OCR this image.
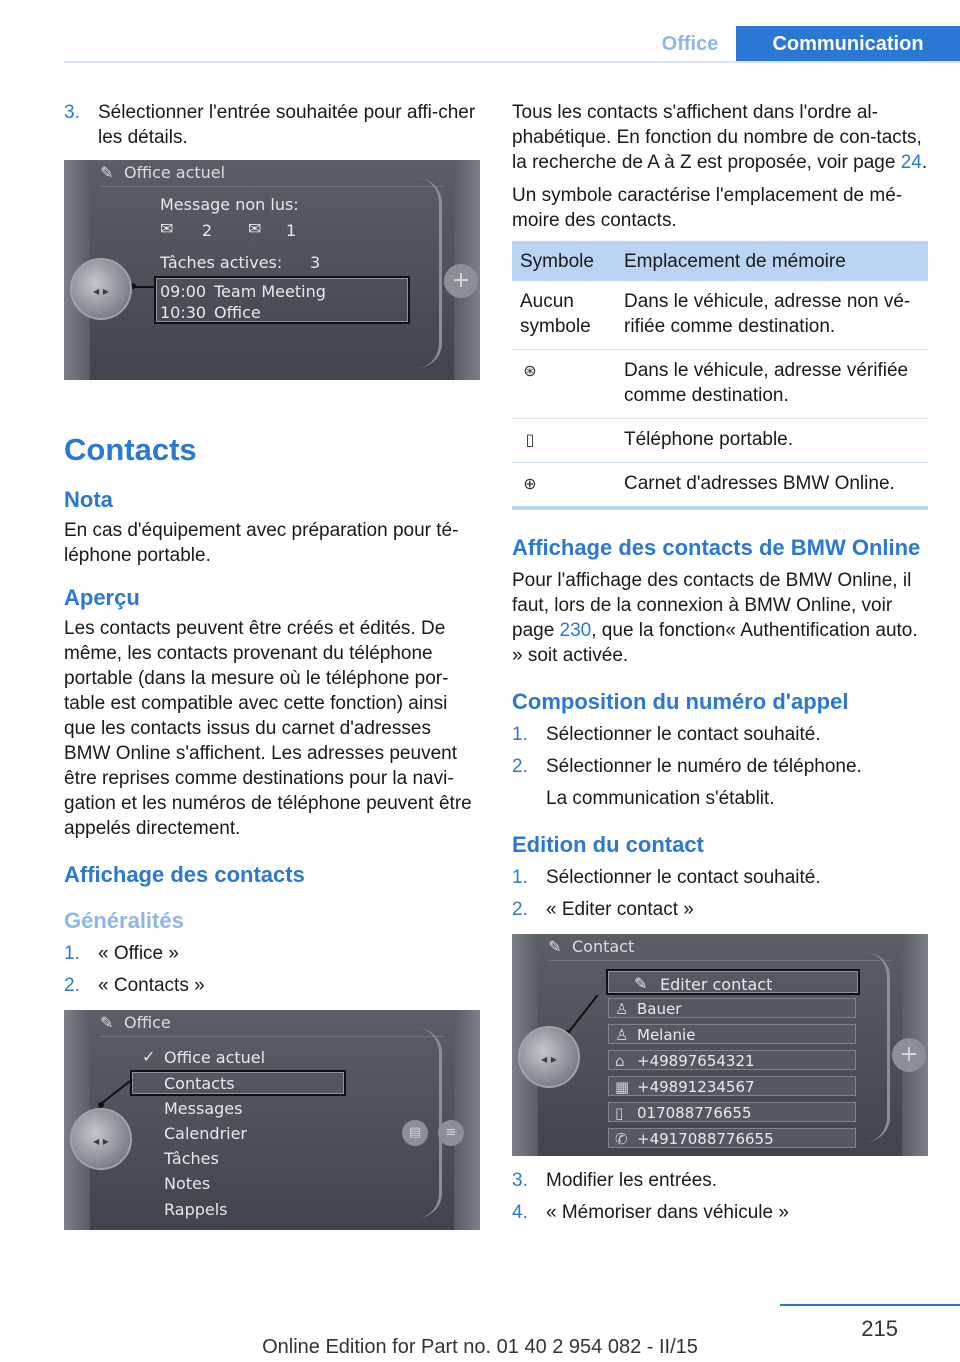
Office	Communication
3. Sélectionner l'entrée souhaitée pour affi‐cher les détails.
✎ Office actuel
Message non lus:
✉ 2 ✉ 1
Tâches actives: 3
09:00 Team Meeting
10:30 Office
◂ ▸
+
Contacts
Nota

En cas d'équipement avec préparation pour té‐léphone portable.

Aperçu

Les contacts peuvent être créés et édités. De même, les contacts provenant du téléphone portable (dans la mesure où le téléphone por‐table est compatible avec cette fonction) ainsi que les contacts issus du carnet d'adresses BMW Online s'affichent. Les adresses peuvent être reprises comme destinations pour la navi‐gation et les numéros de téléphone peuvent être appelés directement.

Affichage des contacts
Généralités
1. « Office »
2. « Contacts »
✎ Office
✓ Office actuel
Contacts
Messages
Calendrier
Tâches
Notes
Rappels
◂ ▸
▤	≡

Tous les contacts s'affichent dans l'ordre al‐phabétique. En fonction du nombre de con‐tacts, la recherche de A à Z est proposée, voir page 24.

Un symbole caractérise l'emplacement de mé‐moire des contacts.

Symbole	Emplacement de mémoire
Aucun symbole	Dans le véhicule, adresse non vé‐rifiée comme destination.
⊛	Dans le véhicule, adresse vérifiée comme destination.
▯	Téléphone portable.
⊕	Carnet d'adresses BMW Online.
Affichage des contacts de BMW Online

Pour l'affichage des contacts de BMW Online, il faut, lors de la connexion à BMW Online, voir page 230, que la fonction« Authentification auto. » soit activée.

Composition du numéro d'appel
1. Sélectionner le contact souhaité.
2. Sélectionner le numéro de téléphone.

La communication s'établit.

Edition du contact
1. Sélectionner le contact souhaité.
2. « Editer contact »
✎ Contact
✎ Editer contact
♙ Bauer
♙ Melanie
⌂ +49897654321
▦ +49891234567
▯ 017088776655
✆ +4917088776655
◂ ▸
+
3. Modifier les entrées.
4. « Mémoriser dans véhicule »
215
Online Edition for Part no. 01 40 2 954 082 - II/15
